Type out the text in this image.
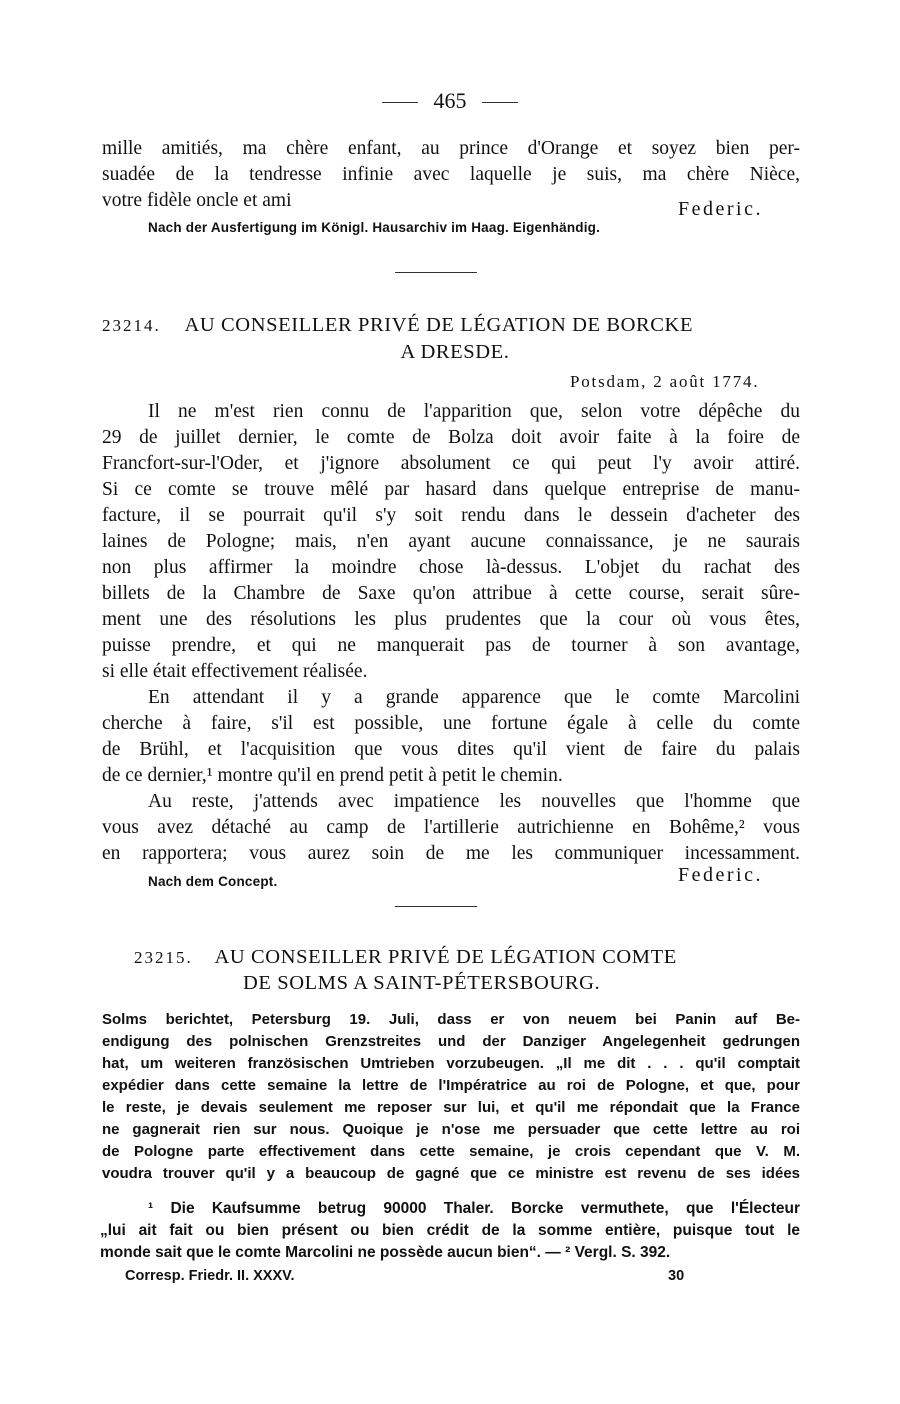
465
mille amitiés, ma chère enfant, au prince d'Orange et soyez bien per-
suadée de la tendresse infinie avec laquelle je suis, ma chère Nièce,
votre fidèle oncle et ami	Federic.
Nach der Ausfertigung im Königl. Hausarchiv im Haag. Eigenhändig.
23214. AU CONSEILLER PRIVÉ DE LÉGATION DE BORCKE
A DRESDE.
Potsdam, 2 août 1774.
Il ne m'est rien connu de l'apparition que, selon votre dépêche du
29 de juillet dernier, le comte de Bolza doit avoir faite à la foire de
Francfort-sur-l'Oder, et j'ignore absolument ce qui peut l'y avoir attiré.
Si ce comte se trouve mêlé par hasard dans quelque entreprise de manu-
facture, il se pourrait qu'il s'y soit rendu dans le dessein d'acheter des
laines de Pologne; mais, n'en ayant aucune connaissance, je ne saurais
non plus affirmer la moindre chose là-dessus. L'objet du rachat des
billets de la Chambre de Saxe qu'on attribue à cette course, serait sûre-
ment une des résolutions les plus prudentes que la cour où vous êtes,
puisse prendre, et qui ne manquerait pas de tourner à son avantage,
si elle était effectivement réalisée.
En attendant il y a grande apparence que le comte Marcolini
cherche à faire, s'il est possible, une fortune égale à celle du comte
de Brühl, et l'acquisition que vous dites qu'il vient de faire du palais
de ce dernier,¹ montre qu'il en prend petit à petit le chemin.
Au reste, j'attends avec impatience les nouvelles que l'homme que
vous avez détaché au camp de l'artillerie autrichienne en Bohême,² vous
en rapportera; vous aurez soin de me les communiquer incessamment.
Nach dem Concept.	Federic.
23215. AU CONSEILLER PRIVÉ DE LÉGATION COMTE
DE SOLMS A SAINT-PÉTERSBOURG.
Solms berichtet, Petersburg 19. Juli, dass er von neuem bei Panin auf Be-
endigung des polnischen Grenzstreites und der Danziger Angelegenheit gedrungen
hat, um weiteren französischen Umtrieben vorzubeugen. „Il me dit . . . qu'il comptait
expédier dans cette semaine la lettre de l'Impératrice au roi de Pologne, et que, pour
le reste, je devais seulement me reposer sur lui, et qu'il me répondait que la France
ne gagnerait rien sur nous. Quoique je n'ose me persuader que cette lettre au roi
de Pologne parte effectivement dans cette semaine, je crois cependant que V. M.
voudra trouver qu'il y a beaucoup de gagné que ce ministre est revenu de ses idées
¹ Die Kaufsumme betrug 90000 Thaler. Borcke vermuthete, que l'Électeur
„lui ait fait ou bien présent ou bien crédit de la somme entière, puisque tout le
monde sait que le comte Marcolini ne possède aucun bien“. — ² Vergl. S. 392.
Corresp. Friedr. II. XXXV.	30
